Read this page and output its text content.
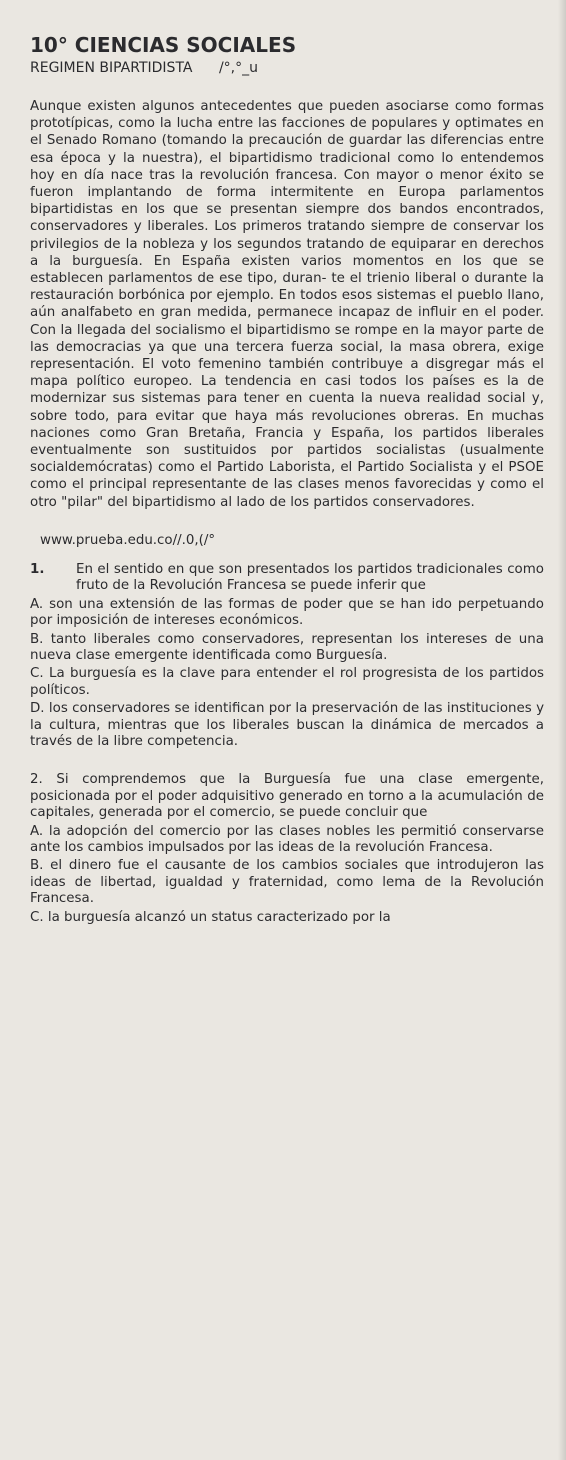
10° CIENCIAS SOCIALES
REGIMEN BIPARTIDISTA /°,°_u

Aunque existen algunos antecedentes que pueden asociarse como formas prototípicas, como la lucha entre las facciones de populares y optimates en el Senado Romano (tomando la precaución de guardar las diferencias entre esa época y la nuestra), el bipartidismo tradicional como lo entendemos hoy en día nace tras la revolución francesa. Con mayor o menor éxito se fueron implantando de forma intermitente en Europa parlamentos bipartidistas en los que se presentan siempre dos bandos encontrados, conservadores y liberales. Los primeros tratando siempre de conservar los privilegios de la nobleza y los segundos tratando de equiparar en derechos a la burguesía. En España existen varios momentos en los que se establecen parlamentos de ese tipo, duran- te el trienio liberal o durante la restauración borbónica por ejemplo. En todos esos sistemas el pueblo llano, aún analfabeto en gran medida, permanece incapaz de influir en el poder. Con la llegada del socialismo el bipartidismo se rompe en la mayor parte de las democracias ya que una tercera fuerza social, la masa obrera, exige representación. El voto femenino también contribuye a disgregar más el mapa político europeo. La tendencia en casi todos los países es la de modernizar sus sistemas para tener en cuenta la nueva realidad social y, sobre todo, para evitar que haya más revoluciones obreras. En muchas naciones como Gran Bretaña, Francia y España, los partidos liberales eventualmente son sustituidos por partidos socialistas (usualmente socialdemócratas) como el Partido Laborista, el Partido Socialista y el PSOE como el principal representante de las clases menos favorecidas y como el otro "pilar" del bipartidismo al lado de los partidos conservadores.

www.prueba.edu.co//.0,(/°
1.	En el sentido en que son presentados los partidos tradicionales como fruto de la Revolución Francesa se puede inferir que
A. son una extensión de las formas de poder que se han ido perpetuando por imposición de intereses económicos.
B. tanto liberales como conservadores, representan los intereses de una nueva clase emergente identificada como Burguesía.
C. La burguesía es la clave para entender el rol progresista de los partidos políticos.
D. los conservadores se identifican por la preservación de las instituciones y la cultura, mientras que los liberales buscan la dinámica de mercados a través de la libre competencia.
2. Si comprendemos que la Burguesía fue una clase emergente, posicionada por el poder adquisitivo generado en torno a la acumulación de capitales, generada por el comercio, se puede concluir que
A. la adopción del comercio por las clases nobles les permitió conservarse ante los cambios impulsados por las ideas de la revolución Francesa.
B. el dinero fue el causante de los cambios sociales que introdujeron las ideas de libertad, igualdad y fraternidad, como lema de la Revolución Francesa.
C. la burguesía alcanzó un status caracterizado por la
